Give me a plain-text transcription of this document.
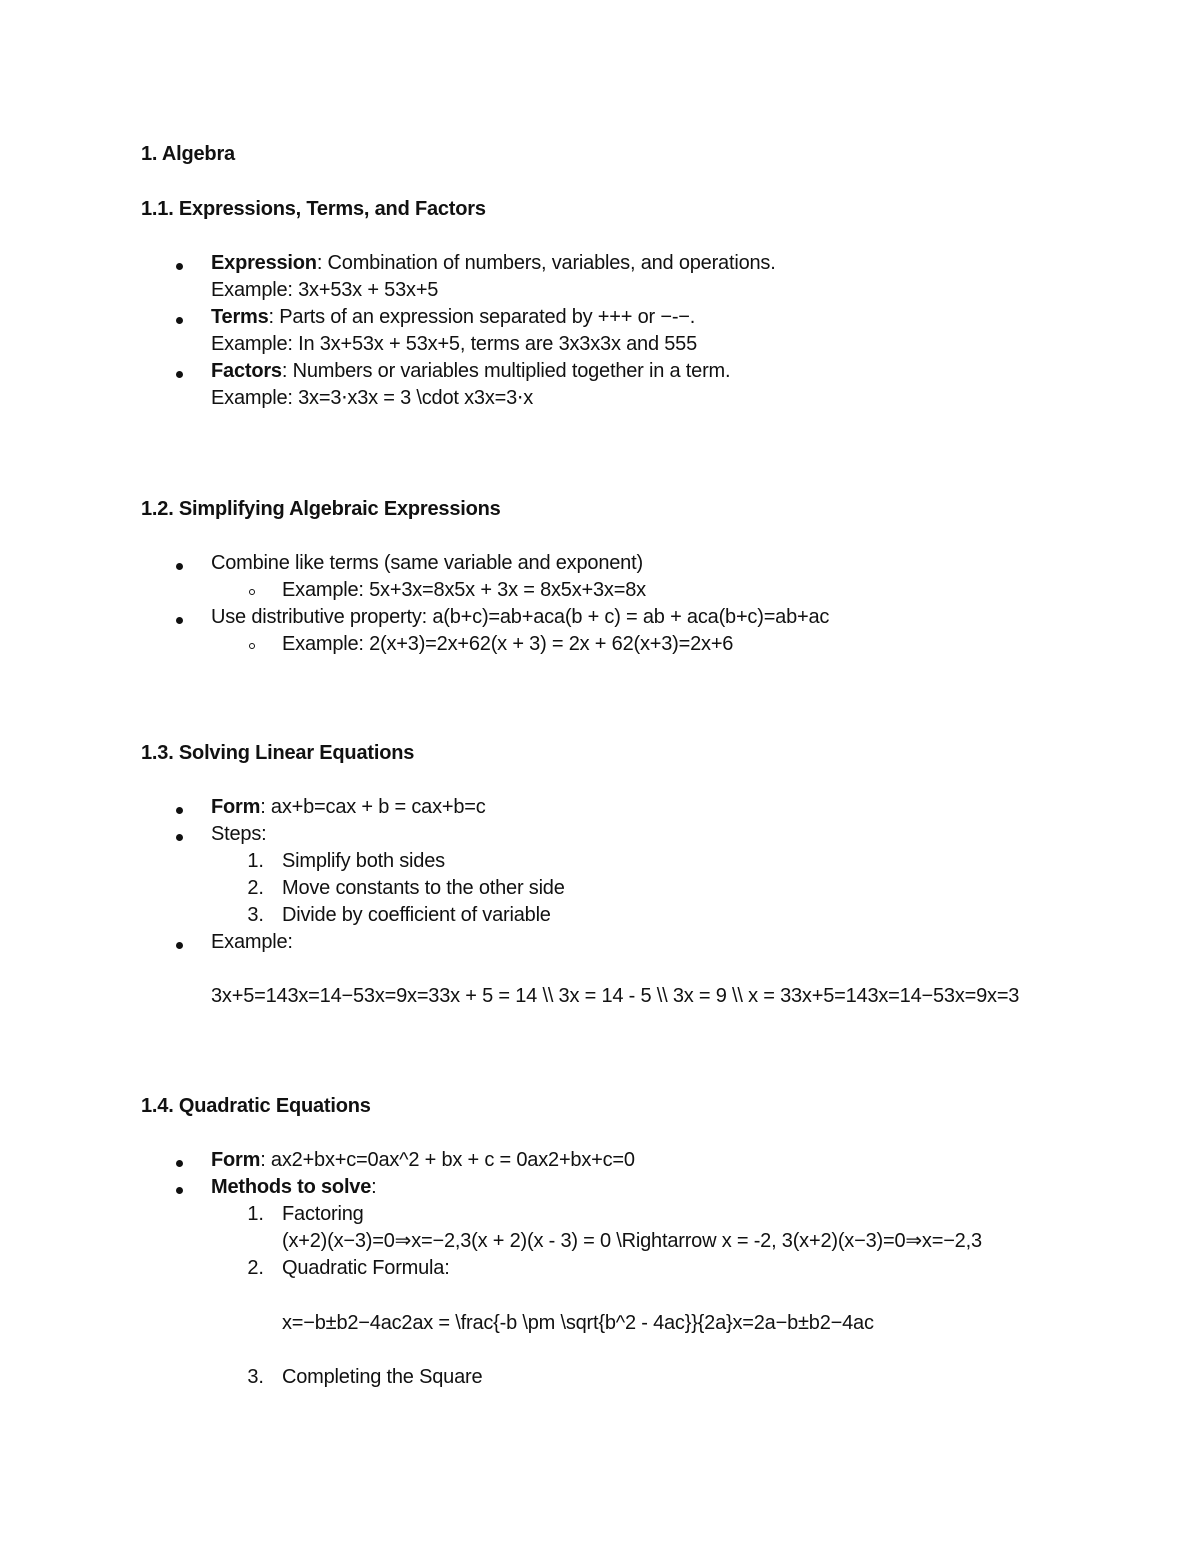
1. Algebra
1.1. Expressions, Terms, and Factors
Expression: Combination of numbers, variables, and operations.
Example: 3x+53x + 53x+5
Terms: Parts of an expression separated by +++ or −-−.
Example: In 3x+53x + 53x+5, terms are 3x3x3x and 555
Factors: Numbers or variables multiplied together in a term.
Example: 3x=3⋅x3x = 3 \cdot x3x=3⋅x
1.2. Simplifying Algebraic Expressions
Combine like terms (same variable and exponent)
Example: 5x+3x=8x5x + 3x = 8x5x+3x=8x
Use distributive property: a(b+c)=ab+aca(b + c) = ab + aca(b+c)=ab+ac
Example: 2(x+3)=2x+62(x + 3) = 2x + 62(x+3)=2x+6
1.3. Solving Linear Equations
Form: ax+b=cax + b = cax+b=c
Steps:
1. Simplify both sides
2. Move constants to the other side
3. Divide by coefficient of variable
Example:
3x+5=143x=14−53x=9x=33x + 5 = 14 \\ 3x = 14 - 5 \\ 3x = 9 \\ x = 33x+5=143x=14−53x=9x=3
1.4. Quadratic Equations
Form: ax2+bx+c=0ax^2 + bx + c = 0ax2+bx+c=0
Methods to solve:
1. Factoring
(x+2)(x−3)=0⇒x=−2,3(x + 2)(x - 3) = 0 \Rightarrow x = -2, 3(x+2)(x−3)=0⇒x=−2,3
2. Quadratic Formula:
x=−b±b2−4ac2ax = \frac{-b \pm \sqrt{b^2 - 4ac}}{2a}x=2a−b±b2−4ac
3. Completing the Square
